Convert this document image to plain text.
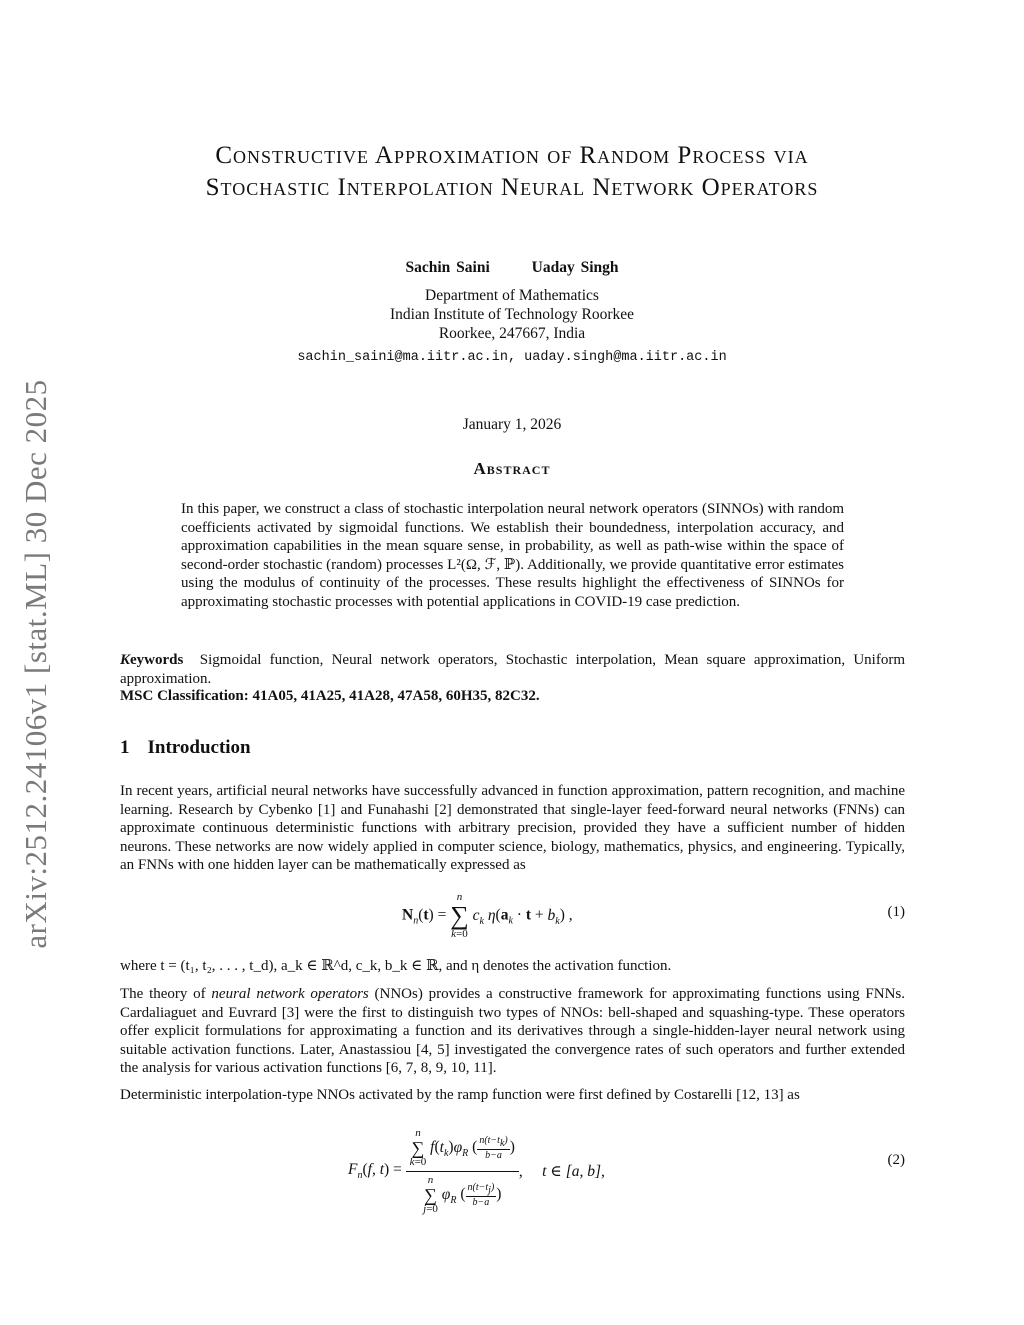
arXiv:2512.24106v1 [stat.ML] 30 Dec 2025
Constructive Approximation of Random Process via
Stochastic Interpolation Neural Network Operators
Sachin Saini	Uaday Singh
Department of Mathematics
Indian Institute of Technology Roorkee
Roorkee, 247667, India
sachin_saini@ma.iitr.ac.in, uaday.singh@ma.iitr.ac.in
January 1, 2026
Abstract
In this paper, we construct a class of stochastic interpolation neural network operators (SINNOs) with random coefficients activated by sigmoidal functions. We establish their boundedness, interpolation accuracy, and approximation capabilities in the mean square sense, in probability, as well as path-wise within the space of second-order stochastic (random) processes L²(Ω, ℱ, ℙ). Additionally, we provide quantitative error estimates using the modulus of continuity of the processes. These results highlight the effectiveness of SINNOs for approximating stochastic processes with potential applications in COVID-19 case prediction.
Keywords Sigmoidal function, Neural network operators, Stochastic interpolation, Mean square approximation, Uniform approximation.
MSC Classification: 41A05, 41A25, 41A28, 47A58, 60H35, 82C32.
1 Introduction
In recent years, artificial neural networks have successfully advanced in function approximation, pattern recognition, and machine learning. Research by Cybenko [1] and Funahashi [2] demonstrated that single-layer feed-forward neural networks (FNNs) can approximate continuous deterministic functions with arbitrary precision, provided they have a sufficient number of hidden neurons. These networks are now widely applied in computer science, biology, mathematics, physics, and engineering. Typically, an FNNs with one hidden layer can be mathematically expressed as
$N_n(t)$ =
n
∑
k=0
$c_k$ $\eta(a_k \cdot t + b_k)$ ,	(1)
where t = (t₁, t₂, . . . , t_d), a_k ∈ ℝ^d, c_k, b_k ∈ ℝ, and η denotes the activation function.
The theory of neural network operators (NNOs) provides a constructive framework for approximating functions using FNNs. Cardaliaguet and Euvrard [3] were the first to distinguish two types of NNOs: bell-shaped and squashing-type. These operators offer explicit formulations for approximating a function and its derivatives through a single-hidden-layer neural network using suitable activation functions. Later, Anastassiou [4, 5] investigated the convergence rates of such operators and further extended the analysis for various activation functions [6, 7, 8, 9, 10, 11].
Deterministic interpolation-type NNOs activated by the ramp function were first defined by Costarelli [12, 13] as
$F_n(f$, t) = n
∑
k=0
$f(t_k)\varphi_R$ ( $\frac{n(t-t_k)}{b-a}$ )
n
∑
j=0
$\varphi_R$ ( $\frac{n(t-t_j)}{b-a}$ ) , t ∈ [a, b],
(2)
